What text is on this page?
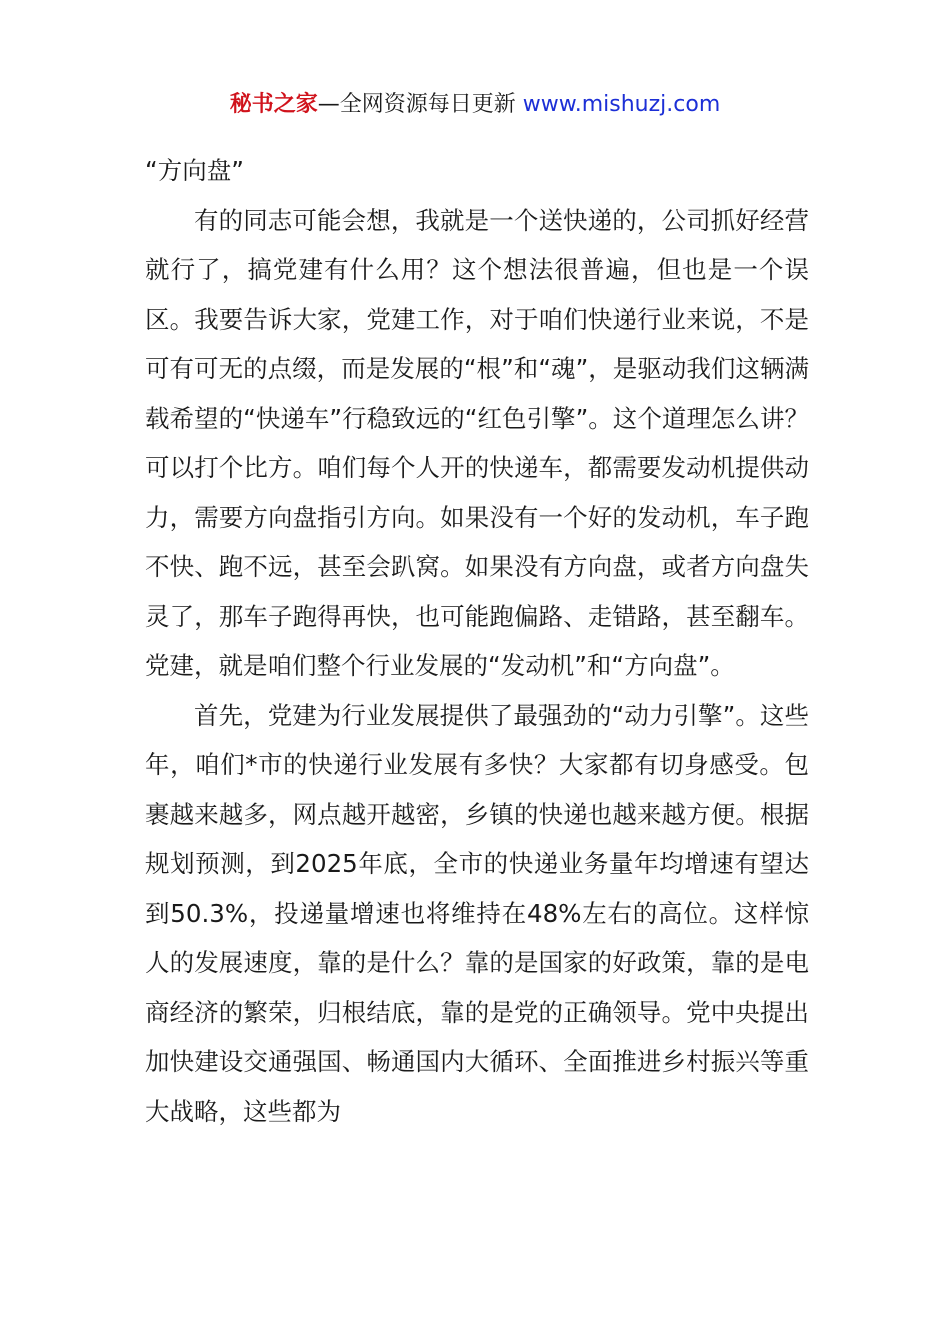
秘书之家—全网资源每日更新 www.mishuzj.com

“方向盘”

有的同志可能会想，我就是一个送快递的，公司抓好经营就行了，搞党建有什么用？这个想法很普遍，但也是一个误区。我要告诉大家，党建工作，对于咱们快递行业来说，不是可有可无的点缀，而是发展的“根”和“魂”，是驱动我们这辆满载希望的“快递车”行稳致远的“红色引擎”。这个道理怎么讲？可以打个比方。咱们每个人开的快递车，都需要发动机提供动力，需要方向盘指引方向。如果没有一个好的发动机，车子跑不快、跑不远，甚至会趴窝。如果没有方向盘，或者方向盘失灵了，那车子跑得再快，也可能跑偏路、走错路，甚至翻车。党建，就是咱们整个行业发展的“发动机”和“方向盘”。

首先，党建为行业发展提供了最强劲的“动力引擎”。这些年，咱们*市的快递行业发展有多快？大家都有切身感受。包裹越来越多，网点越开越密，乡镇的快递也越来越方便。根据规划预测，到2025年底，全市的快递业务量年均增速有望达到50.3%，投递量增速也将维持在48%左右的高位。这样惊人的发展速度，靠的是什么？靠的是国家的好政策，靠的是电商经济的繁荣，归根结底，靠的是党的正确领导。党中央提出加快建设交通强国、畅通国内大循环、全面推进乡村振兴等重大战略，这些都为
